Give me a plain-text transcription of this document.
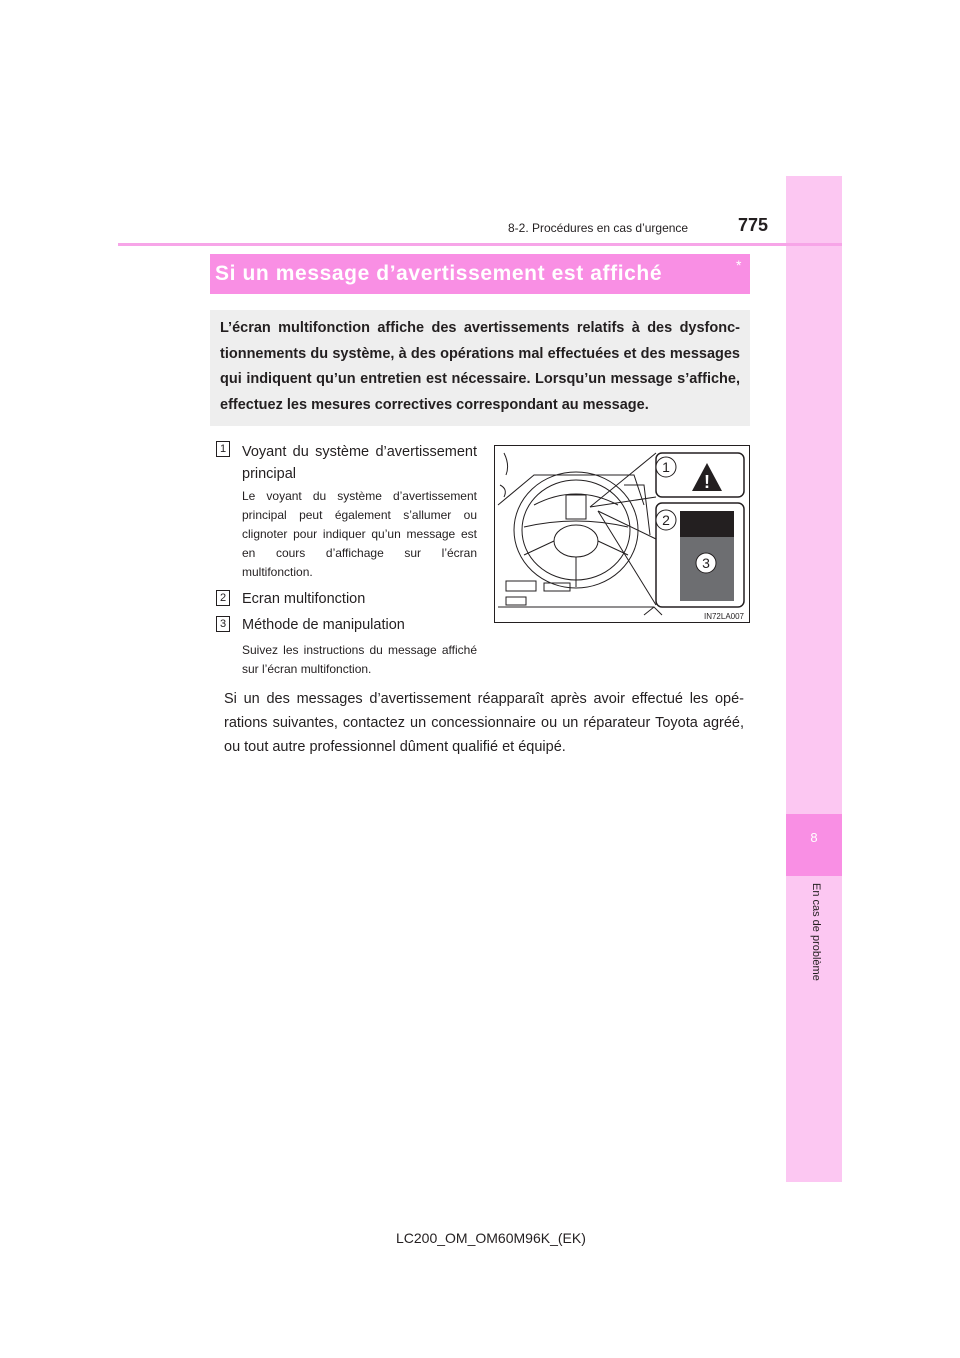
8
En cas de problème
8-2. Procédures en cas d’urgence	775
Si un message d’avertissement est affiché	*
L’écran multifonction affiche des avertissements relatifs à des dysfonctionnements du système, à des opérations mal effectuées et des messages qui indiquent qu’un entretien est nécessaire. Lorsqu’un message s’affiche, effectuez les mesures correctives correspondant au message.
1 Voyant du système d’avertissement principal
Le voyant du système d’avertissement principal peut également s’allumer ou clignoter pour indiquer qu’un message est en cours d’affichage sur l’écran multifonction.
2 Ecran multifonction
3 Méthode de manipulation
Suivez les instructions du message affiché sur l’écran multifonction.
!
1
2
3
IN72LA007
Si un des messages d’avertissement réapparaît après avoir effectué les opérations suivantes, contactez un concessionnaire ou un réparateur Toyota agréé, ou tout autre professionnel dûment qualifié et équipé.
LC200_OM_OM60M96K_(EK)
